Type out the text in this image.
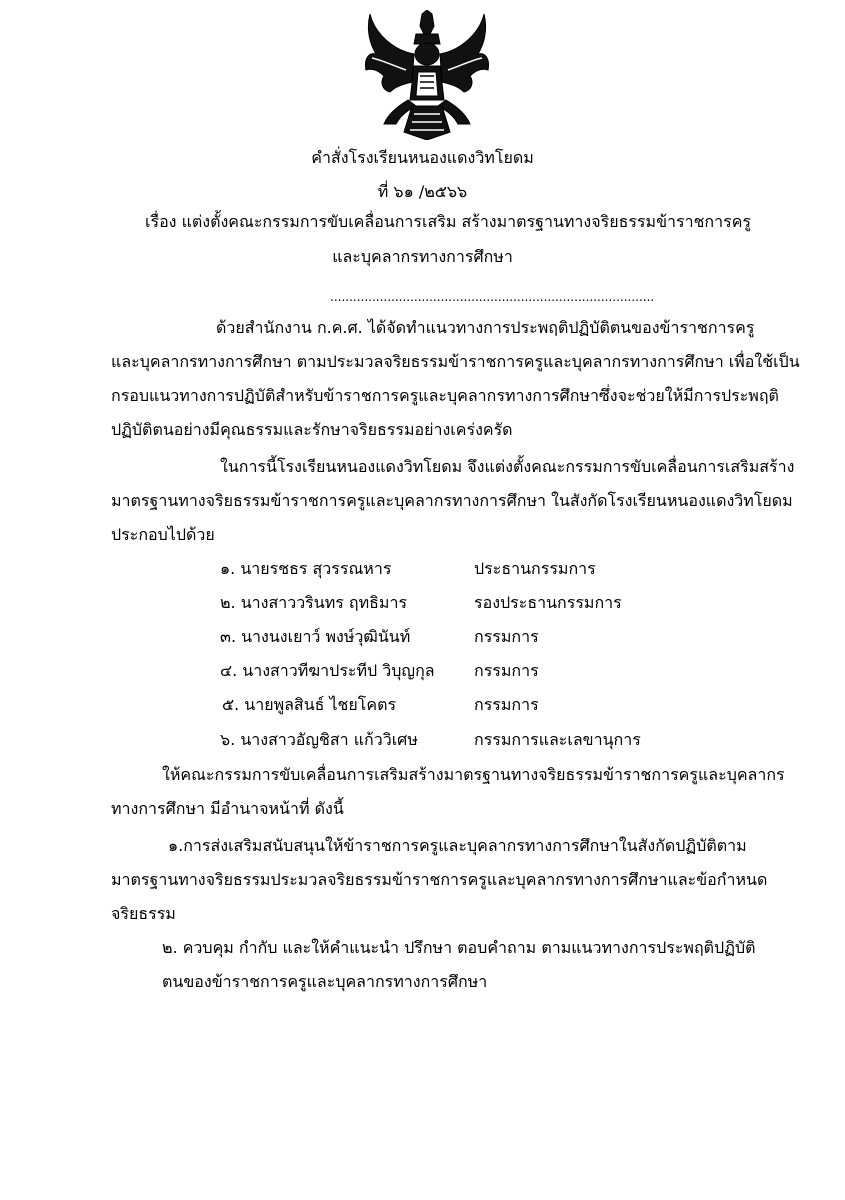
คำสั่งโรงเรียนหนองแดงวิทโยดม
ที่ ๖๑ /๒๕๖๖
เรื่อง แต่งตั้งคณะกรรมการขับเคลื่อนการเสริม สร้างมาตรฐานทางจริยธรรมข้าราชการครู
และบุคลากรทางการศึกษา
.....................................................................................
ด้วยสำนักงาน ก.ค.ศ. ได้จัดทำแนวทางการประพฤติปฏิบัติตนของข้าราชการครู
และบุคลากรทางการศึกษา ตามประมวลจริยธรรมข้าราชการครูและบุคลากรทางการศึกษา เพื่อใช้เป็น
กรอบแนวทางการปฏิบัติสำหรับข้าราชการครูและบุคลากรทางการศึกษาซึ่งจะช่วยให้มีการประพฤติ
ปฏิบัติตนอย่างมีคุณธรรมและรักษาจริยธรรมอย่างเคร่งครัด
ในการนี้โรงเรียนหนองแดงวิทโยดม จึงแต่งตั้งคณะกรรมการขับเคลื่อนการเสริมสร้าง
มาตรฐานทางจริยธรรมข้าราชการครูและบุคลากรทางการศึกษา ในสังกัดโรงเรียนหนองแดงวิทโยดม
ประกอบไปด้วย
๑. นายรชธร สุวรรณหาร	ประธานกรรมการ
๒. นางสาววรินทร ฤทธิมาร	รองประธานกรรมการ
๓. นางนงเยาว์ พงษ์วุฒินันท์	กรรมการ
๔. นางสาวทีฆาประทีป วิบุญกุล กรรมการ
๕. นายพูลสินธ์ ไชยโคตร	กรรมการ
๖. นางสาวอัญชิสา แก้ววิเศษ	กรรมการและเลขานุการ
ให้คณะกรรมการขับเคลื่อนการเสริมสร้างมาตรฐานทางจริยธรรมข้าราชการครูและบุคลากร
ทางการศึกษา มีอำนาจหน้าที่ ดังนี้
๑.การส่งเสริมสนับสนุนให้ข้าราชการครูและบุคลากรทางการศึกษาในสังกัดปฏิบัติตาม
มาตรฐานทางจริยธรรมประมวลจริยธรรมข้าราชการครูและบุคลากรทางการศึกษาและข้อกำหนด
จริยธรรม
๒. ควบคุม กำกับ และให้คำแนะนำ ปรึกษา ตอบคำถาม ตามแนวทางการประพฤติปฏิบัติ
ตนของข้าราชการครูและบุคลากรทางการศึกษา
